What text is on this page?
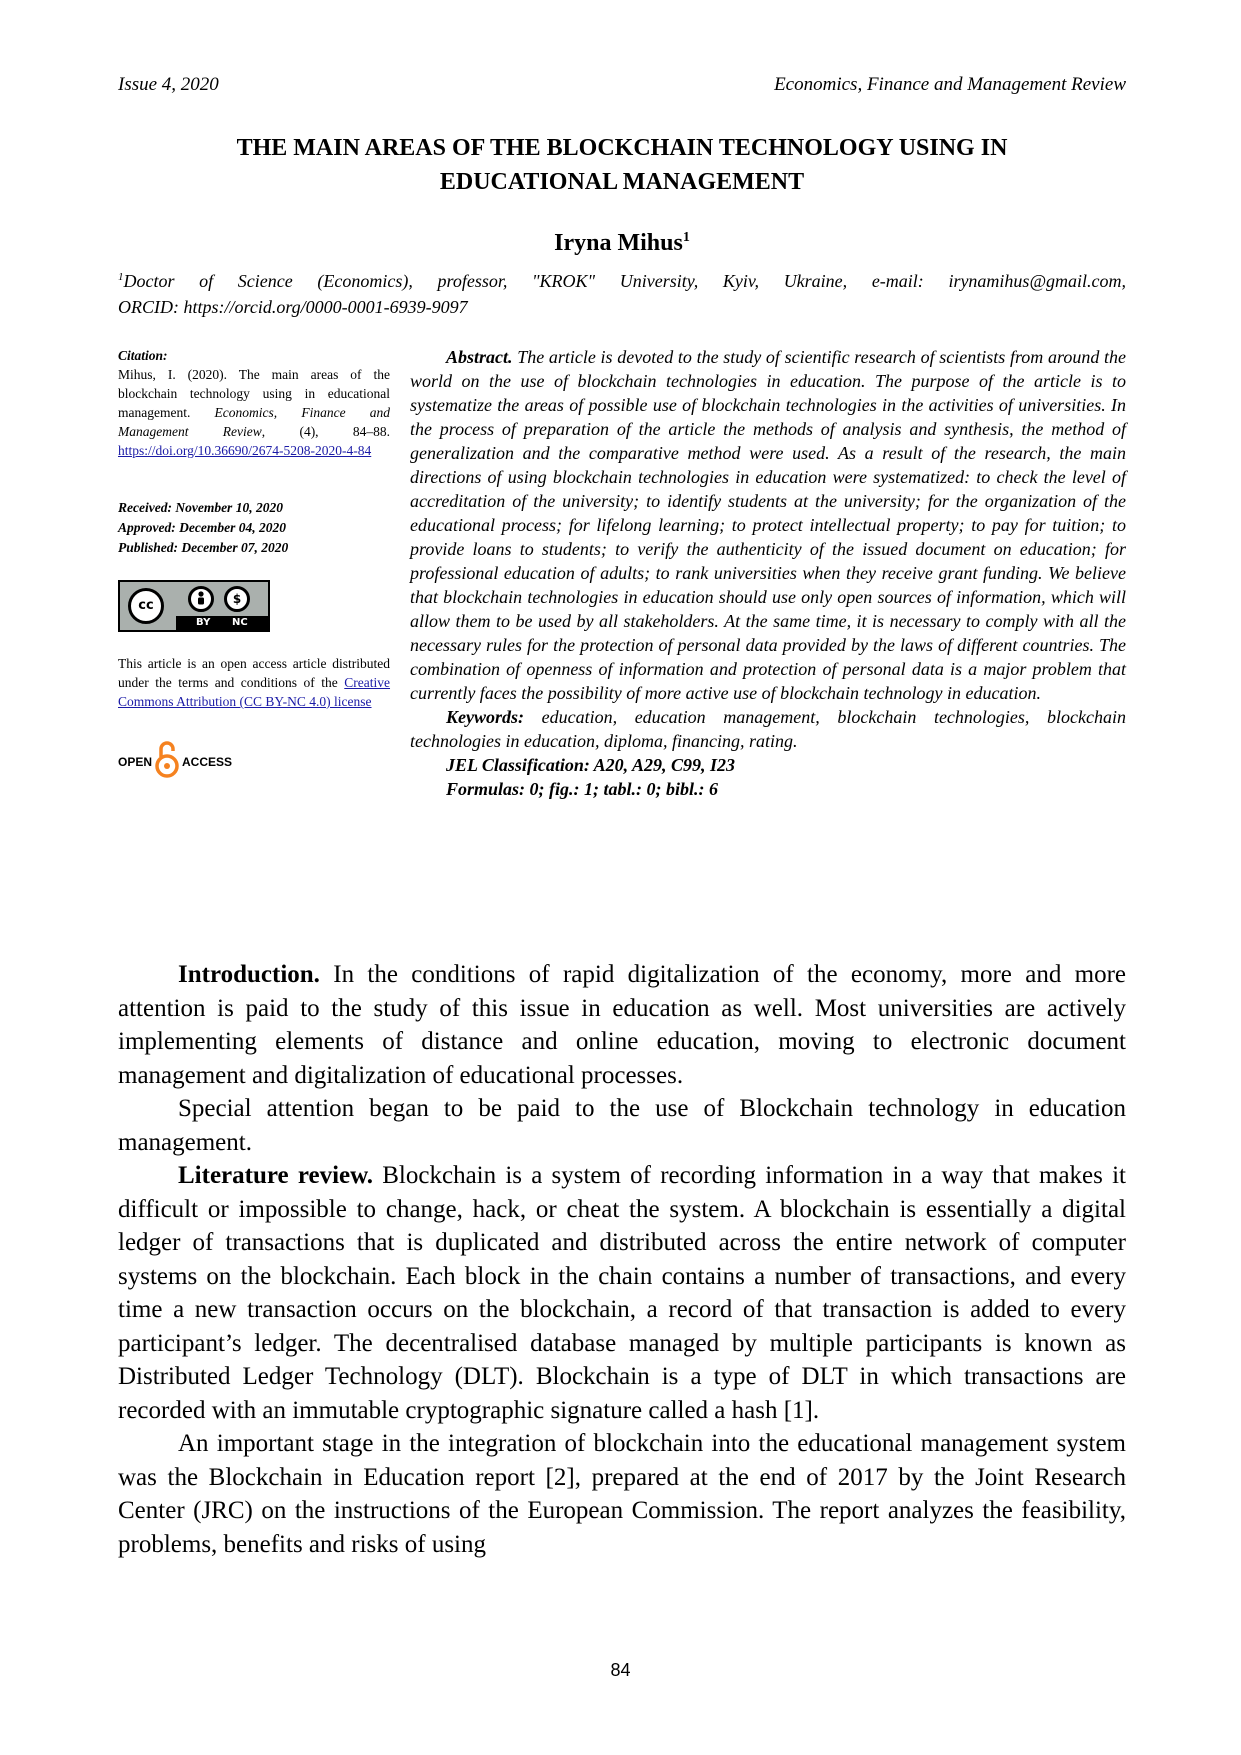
Issue 4, 2020	Economics, Finance and Management Review
THE MAIN AREAS OF THE BLOCKCHAIN TECHNOLOGY USING IN
EDUCATIONAL MANAGEMENT
Iryna Mihus$^1$
$^1$Doctor of Science (Economics), professor, "KROK" University, Kyiv, Ukraine, e-mail: irynamihus@gmail.com,
ORCID: https://orcid.org/0000-0001-6939-9097
Citation:
Mihus, I. (2020). The main areas of the blockchain technology using in educational management. Economics, Finance and Management Review, (4), 84–88. https://doi.org/10.36690/2674-5208-2020-4-84
Received: November 10, 2020
Approved: December 04, 2020
Published: December 07, 2020
cc	$
BY NC
This article is an open access article distributed under the terms and conditions of the Creative Commons Attribution (CC BY-NC 4.0) license
OPEN ACCESS

Abstract. The article is devoted to the study of scientific research of scientists from around the world on the use of blockchain technologies in education. The purpose of the article is to systematize the areas of possible use of blockchain technologies in the activities of universities. In the process of preparation of the article the methods of analysis and synthesis, the method of generalization and the comparative method were used. As a result of the research, the main directions of using blockchain technologies in education were systematized: to check the level of accreditation of the university; to identify students at the university; for the organization of the educational process; for lifelong learning; to protect intellectual property; to pay for tuition; to provide loans to students; to verify the authenticity of the issued document on education; for professional education of adults; to rank universities when they receive grant funding. We believe that blockchain technologies in education should use only open sources of information, which will allow them to be used by all stakeholders. At the same time, it is necessary to comply with all the necessary rules for the protection of personal data provided by the laws of different countries. The combination of openness of information and protection of personal data is a major problem that currently faces the possibility of more active use of blockchain technology in education.

Keywords: education, education management, blockchain technologies, blockchain technologies in education, diploma, financing, rating.

JEL Classification: A20, A29, C99, I23

Formulas: 0; fig.: 1; tabl.: 0; bibl.: 6

Introduction. In the conditions of rapid digitalization of the economy, more and more attention is paid to the study of this issue in education as well. Most universities are actively implementing elements of distance and online education, moving to electronic document management and digitalization of educational processes.

Special attention began to be paid to the use of Blockchain technology in education management.

Literature review. Blockchain is a system of recording information in a way that makes it difficult or impossible to change, hack, or cheat the system. A blockchain is essentially a digital ledger of transactions that is duplicated and distributed across the entire network of computer systems on the blockchain. Each block in the chain contains a number of transactions, and every time a new transaction occurs on the blockchain, a record of that transaction is added to every participant’s ledger. The decentralised database managed by multiple participants is known as Distributed Ledger Technology (DLT). Blockchain is a type of DLT in which transactions are recorded with an immutable cryptographic signature called a hash [1].

An important stage in the integration of blockchain into the educational management system was the Blockchain in Education report [2], prepared at the end of 2017 by the Joint Research Center (JRC) on the instructions of the European Commission. The report analyzes the feasibility, problems, benefits and risks of using

84
